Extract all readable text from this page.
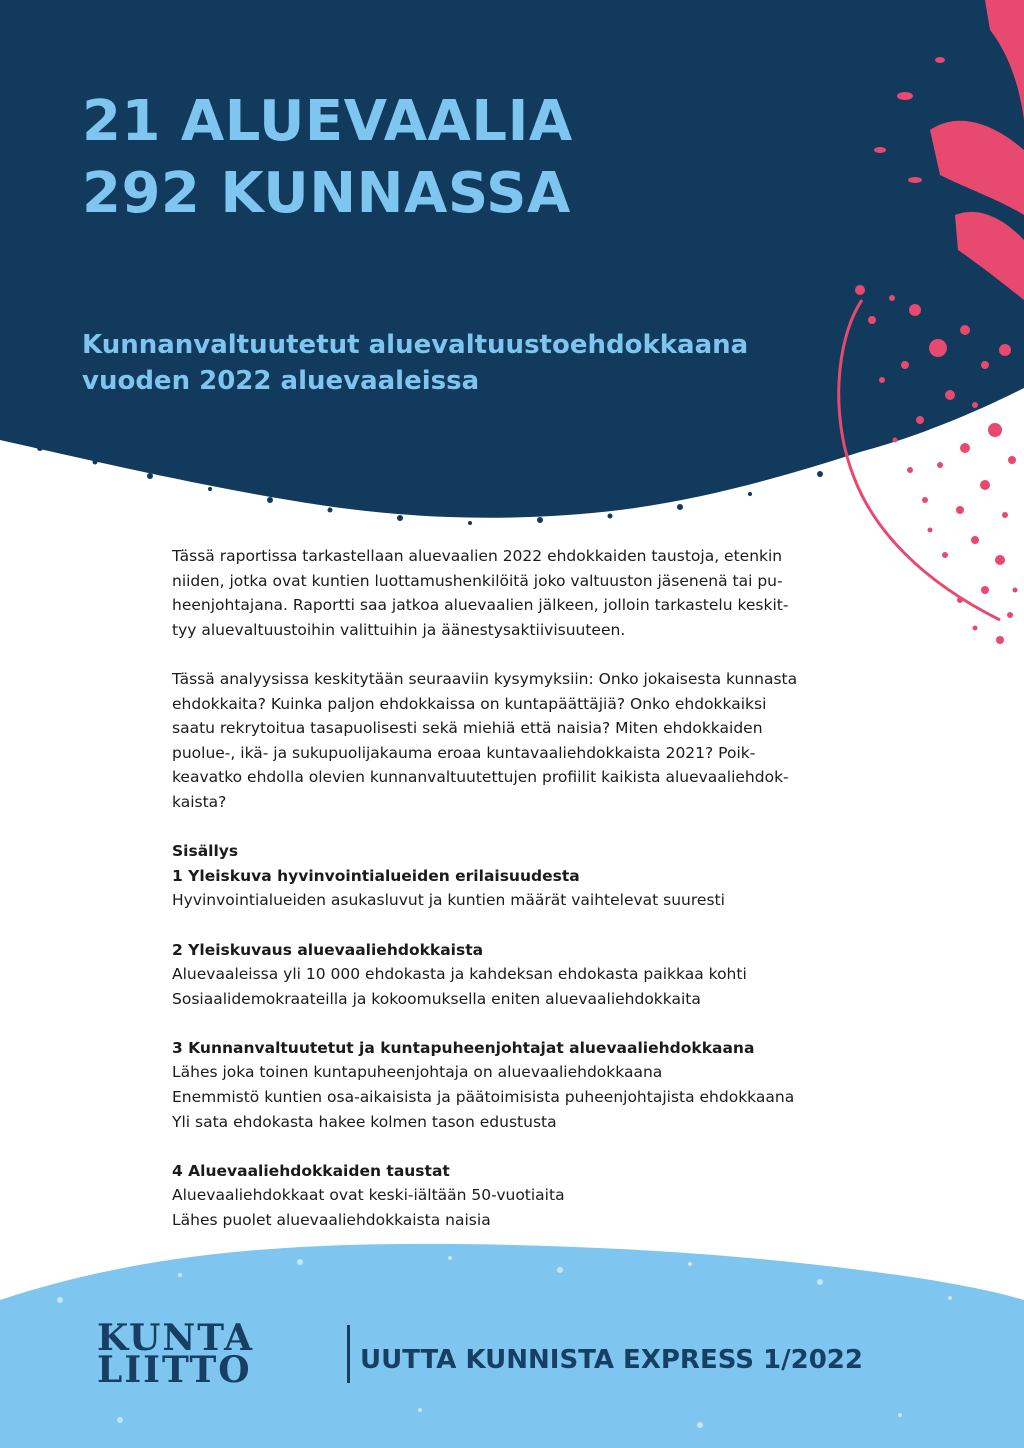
21 ALUEVAALIA
292 KUNNASSA
Kunnanvaltuutetut aluevaltuustoehdokkaana
vuoden 2022 aluevaaleissa

Tässä raportissa tarkastellaan aluevaalien 2022 ehdokkaiden taustoja, etenkin
niiden, jotka ovat kuntien luottamushenkilöitä joko valtuuston jäsenenä tai pu-
heenjohtajana. Raportti saa jatkoa aluevaalien jälkeen, jolloin tarkastelu keskit-
tyy aluevaltuustoihin valittuihin ja äänestysaktiivisuuteen.

Tässä analyysissa keskitytään seuraaviin kysymyksiin: Onko jokaisesta kunnasta
ehdokkaita? Kuinka paljon ehdokkaissa on kuntapäättäjiä? Onko ehdokkaiksi
saatu rekrytoitua tasapuolisesti sekä miehiä että naisia? Miten ehdokkaiden
puolue-, ikä- ja sukupuolijakauma eroaa kuntavaaliehdokkaista 2021? Poik-
keavatko ehdolla olevien kunnanvaltuutettujen profiilit kaikista aluevaaliehdok-
kaista?

Sisällys
1 Yleiskuva hyvinvointialueiden erilaisuudesta
Hyvinvointialueiden asukasluvut ja kuntien määrät vaihtelevat suuresti
2 Yleiskuvaus aluevaaliehdokkaista
Aluevaaleissa yli 10 000 ehdokasta ja kahdeksan ehdokasta paikkaa kohti
Sosiaalidemokraateilla ja kokoomuksella eniten aluevaaliehdokkaita
3 Kunnanvaltuutetut ja kuntapuheenjohtajat aluevaaliehdokkaana
Lähes joka toinen kuntapuheenjohtaja on aluevaaliehdokkaana
Enemmistö kuntien osa-aikaisista ja päätoimisista puheenjohtajista ehdokkaana
Yli sata ehdokasta hakee kolmen tason edustusta
4 Aluevaaliehdokkaiden taustat
Aluevaaliehdokkaat ovat keski-iältään 50-vuotiaita
Lähes puolet aluevaaliehdokkaista naisia
KUNTA
LIITTO	UUTTA KUNNISTA EXPRESS 1/2022
